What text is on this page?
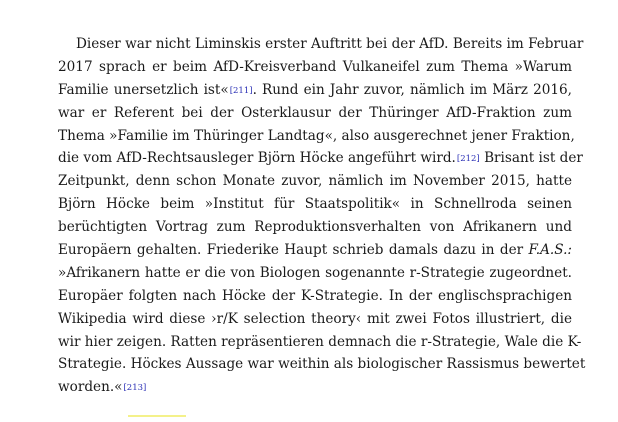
Dieser war nicht Liminskis erster Auftritt bei der AfD. Bereits im Februar
2017 sprach er beim AfD-Kreisverband Vulkaneifel zum Thema »Warum
Familie unersetzlich ist«[211]. Rund ein Jahr zuvor, nämlich im März 2016,
war er Referent bei der Osterklausur der Thüringer AfD-Fraktion zum
Thema »Familie im Thüringer Landtag«, also ausgerechnet jener Fraktion,
die vom AfD-Rechtsausleger Björn Höcke angeführt wird.[212] Brisant ist der
Zeitpunkt, denn schon Monate zuvor, nämlich im November 2015, hatte
Björn Höcke beim »Institut für Staatspolitik« in Schnellroda seinen
berüchtigten Vortrag zum Reproduktionsverhalten von Afrikanern und
Europäern gehalten. Friederike Haupt schrieb damals dazu in der F.A.S.:
»Afrikanern hatte er die von Biologen sogenannte r-Strategie zugeordnet.
Europäer folgten nach Höcke der K-Strategie. In der englischsprachigen
Wikipedia wird diese ›r/K selection theory‹ mit zwei Fotos illustriert, die
wir hier zeigen. Ratten repräsentieren demnach die r-Strategie, Wale die K-
Strategie. Höckes Aussage war weithin als biologischer Rassismus bewertet
worden.«[213]
